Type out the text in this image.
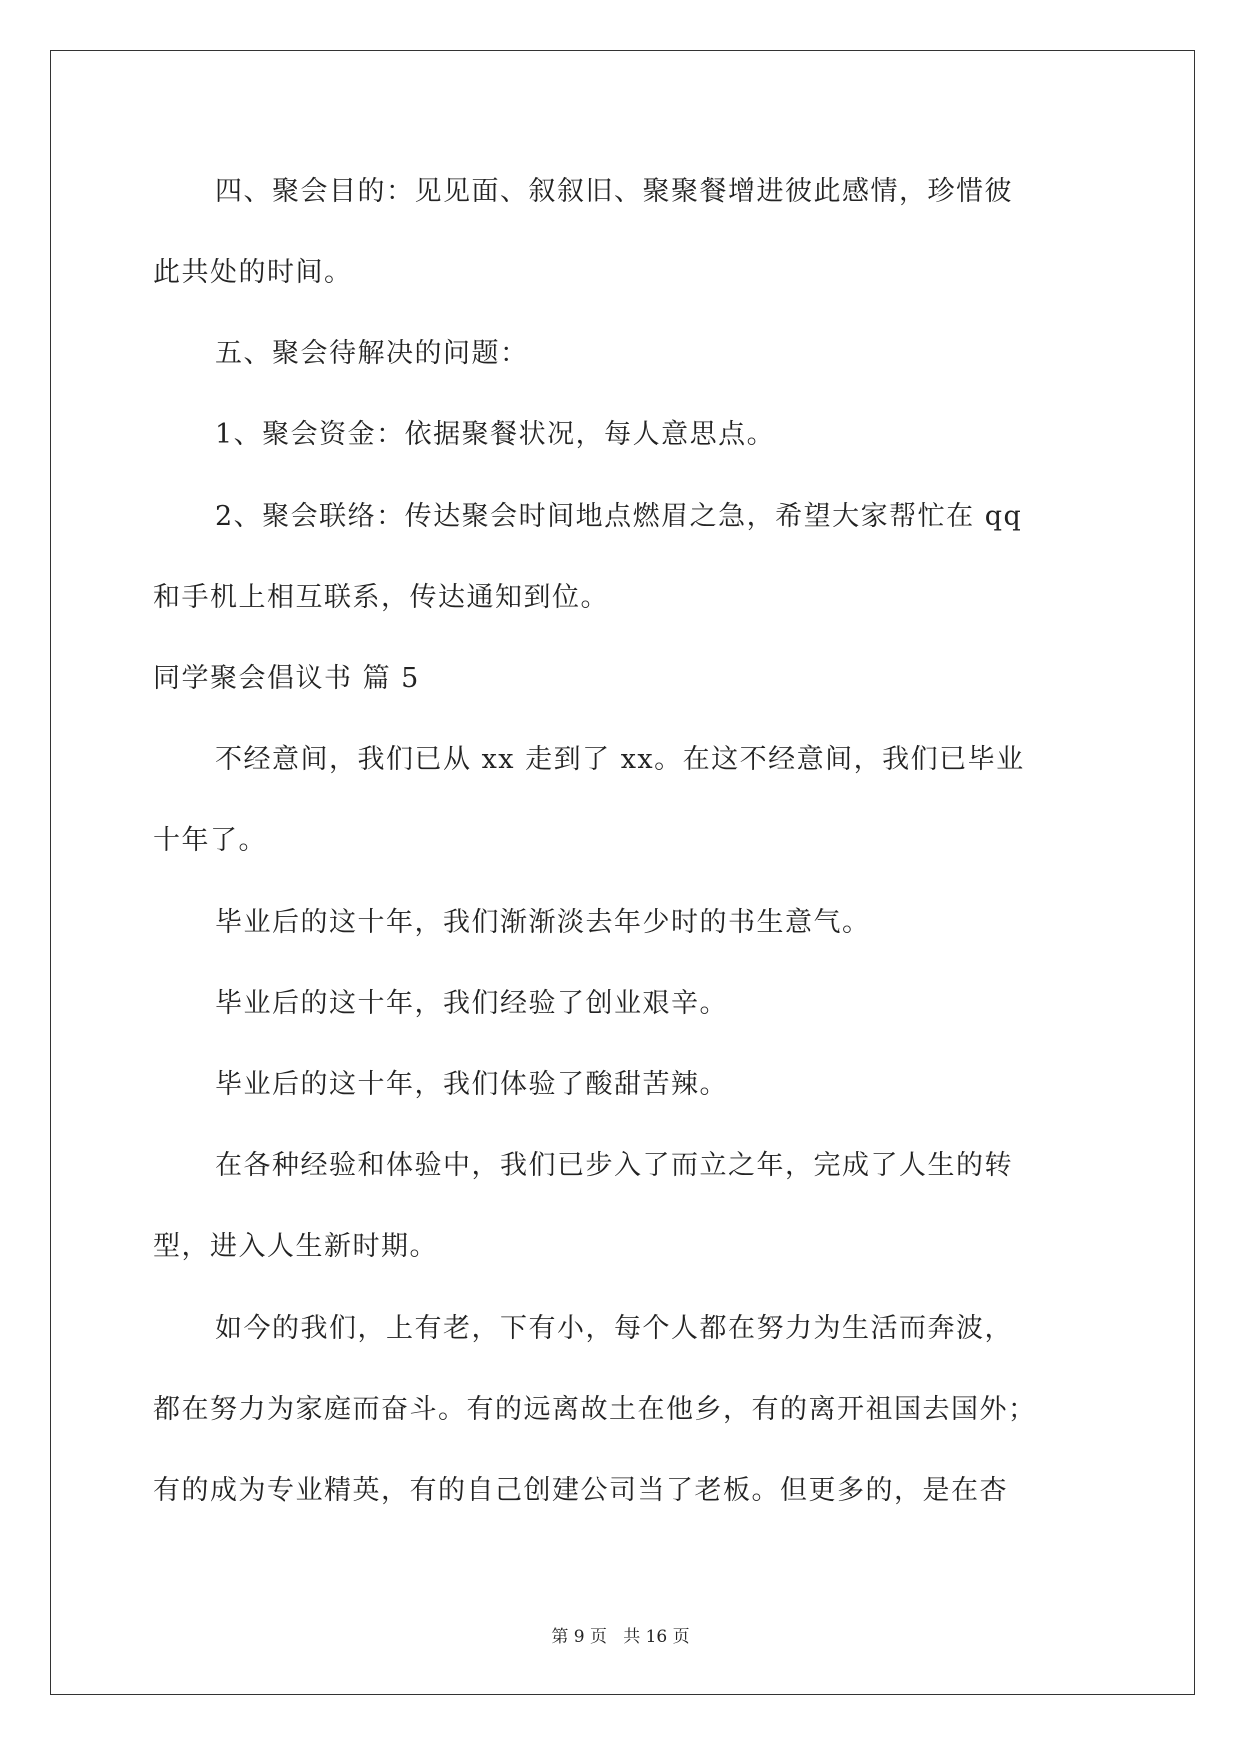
四、聚会目的：见见面、叙叙旧、聚聚餐增进彼此感情，珍惜彼
此共处的时间。
五、聚会待解决的问题：
1、聚会资金：依据聚餐状况，每人意思点。
2、聚会联络：传达聚会时间地点燃眉之急，希望大家帮忙在 qq
和手机上相互联系，传达通知到位。
同学聚会倡议书 篇 5
不经意间，我们已从 xx 走到了 xx。在这不经意间，我们已毕业
十年了。
毕业后的这十年，我们渐渐淡去年少时的书生意气。
毕业后的这十年，我们经验了创业艰辛。
毕业后的这十年，我们体验了酸甜苦辣。
在各种经验和体验中，我们已步入了而立之年，完成了人生的转
型，进入人生新时期。
如今的我们，上有老，下有小，每个人都在努力为生活而奔波，
都在努力为家庭而奋斗。有的远离故土在他乡，有的离开祖国去国外；
有的成为专业精英，有的自己创建公司当了老板。但更多的，是在杏
第 9 页   共 16 页
